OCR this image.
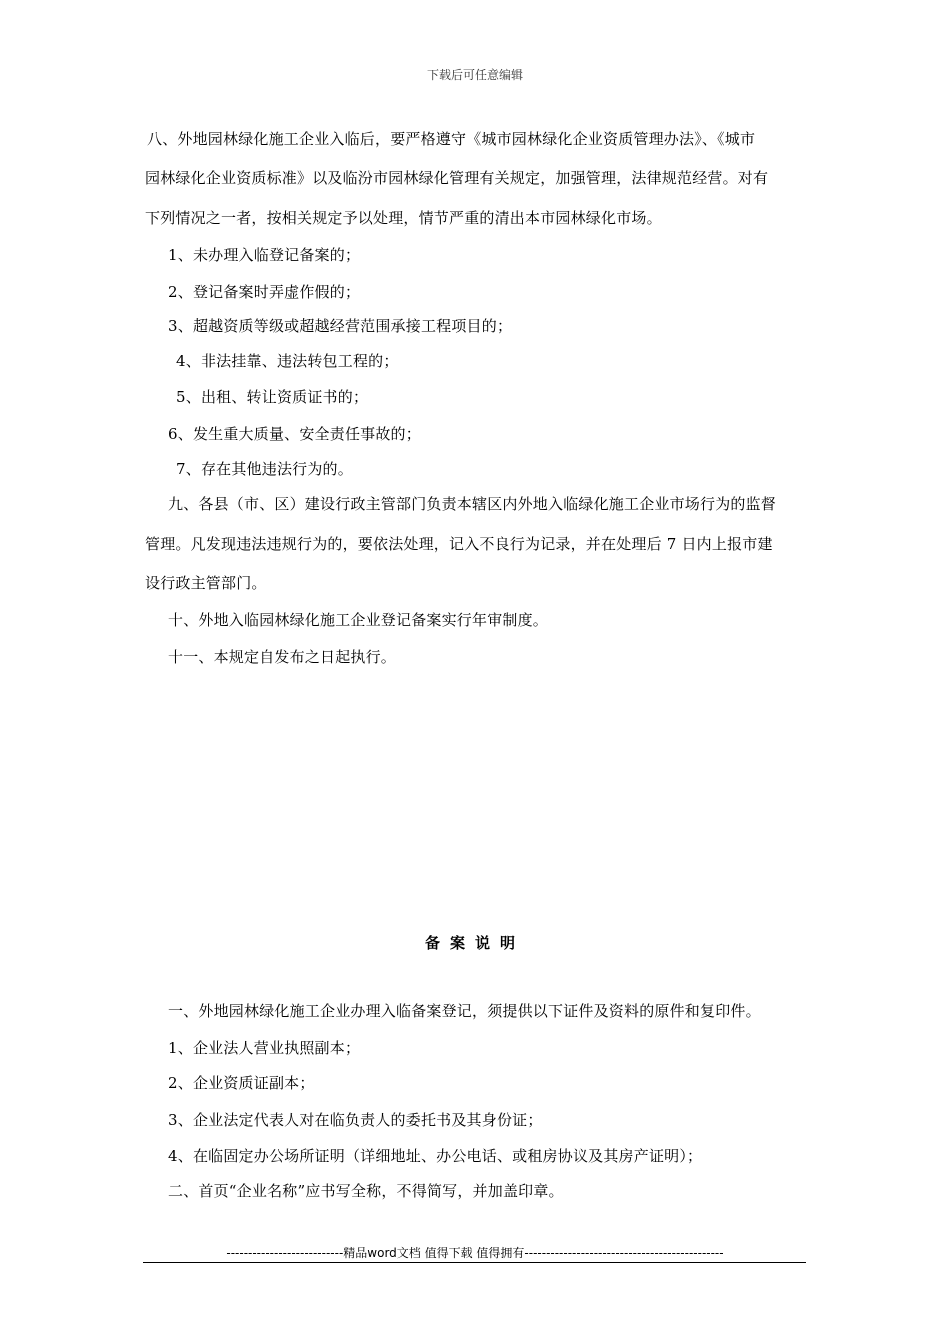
下载后可任意编辑
八、外地园林绿化施工企业入临后，要严格遵守《城市园林绿化企业资质管理办法》、《城市
园林绿化企业资质标准》以及临汾市园林绿化管理有关规定，加强管理，法律规范经营。对有
下列情况之一者，按相关规定予以处理，情节严重的清出本市园林绿化市场。
1、未办理入临登记备案的；
2、登记备案时弄虚作假的；
3、超越资质等级或超越经营范围承接工程项目的；
4、非法挂靠、违法转包工程的；
5、出租、转让资质证书的；
6、发生重大质量、安全责任事故的；
7、存在其他违法行为的。
九、各县（市、区）建设行政主管部门负责本辖区内外地入临绿化施工企业市场行为的监督
管理。凡发现违法违规行为的，要依法处理，记入不良行为记录，并在处理后 7 日内上报市建
设行政主管部门。
十、外地入临园林绿化施工企业登记备案实行年审制度。
十一、本规定自发布之日起执行。
备案说明
一、外地园林绿化施工企业办理入临备案登记，须提供以下证件及资料的原件和复印件。
1、企业法人营业执照副本；
2、企业资质证副本；
3、企业法定代表人对在临负责人的委托书及其身份证；
4、在临固定办公场所证明（详细地址、办公电话、或租房协议及其房产证明）；
二、首页“企业名称”应书写全称，不得简写，并加盖印章。
---------------------------精品word文档 值得下载 值得拥有----------------------------------------------
